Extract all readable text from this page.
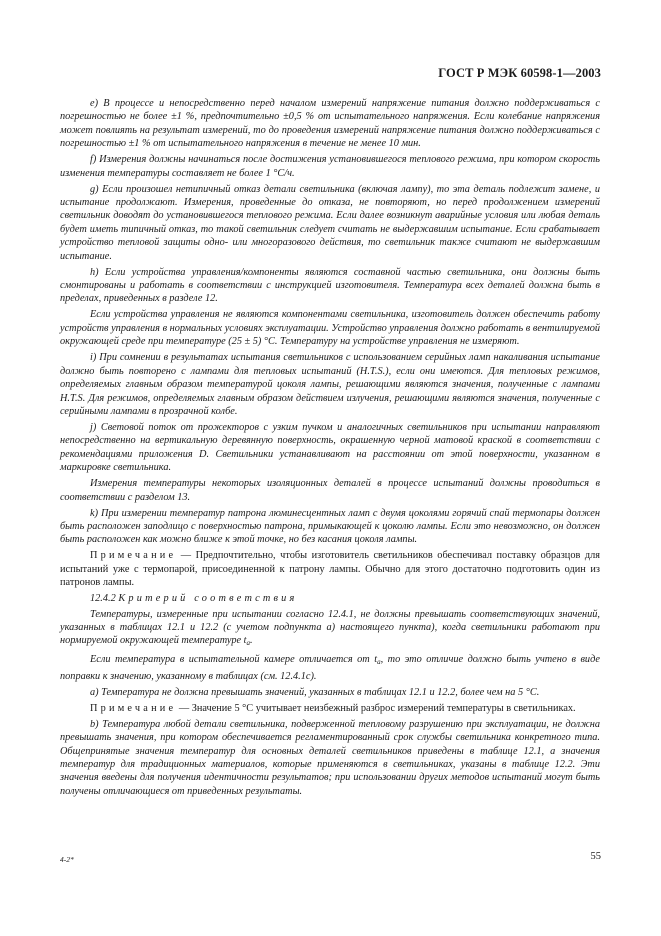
ГОСТ Р МЭК 60598-1—2003

е) В процессе и непосредственно перед началом измерений напряжение питания должно поддерживаться с погрешностью не более ±1 %, предпочтительно ±0,5 % от испытательного напряжения. Если колебание напряжения может повлиять на результат измерений, то до проведения измерений напряжение питания должно поддерживаться с погрешностью ±1 % от испытательного напряжения в течение не менее 10 мин.

f) Измерения должны начинаться после достижения установившегося теплового режима, при котором скорость изменения температуры составляет не более 1 °С/ч.

g) Если произошел нетипичный отказ детали светильника (включая лампу), то эта деталь подлежит замене, и испытание продолжают. Измерения, проведенные до отказа, не повторяют, но перед продолжением измерений светильник доводят до установившегося теплового режима. Если далее возникнут аварийные условия или любая деталь будет иметь типичный отказ, то такой светильник следует считать не выдержавшим испытание. Если срабатывает устройство тепловой защиты одно- или многоразового действия, то светильник также считают не выдержавшим испытание.

h) Если устройства управления/компоненты являются составной частью светильника, они должны быть смонтированы и работать в соответствии с инструкцией изготовителя. Температура всех деталей должна быть в пределах, приведенных в разделе 12.

Если устройства управления не являются компонентами светильника, изготовитель должен обеспечить работу устройств управления в нормальных условиях эксплуатации. Устройство управления должно работать в вентилируемой окружающей среде при температуре (25 ± 5) °С. Температуру на устройстве управления не измеряют.

i) При сомнении в результатах испытания светильников с использованием серийных ламп накаливания испытание должно быть повторено с лампами для тепловых испытаний (H.T.S.), если они имеются. Для тепловых режимов, определяемых главным образом температурой цоколя лампы, решающими являются значения, полученные с лампами H.T.S. Для режимов, определяемых главным образом действием излучения, решающими являются значения, полученные с серийными лампами в прозрачной колбе.

j) Световой поток от прожекторов с узким пучком и аналогичных светильников при испытании направляют непосредственно на вертикальную деревянную поверхность, окрашенную черной матовой краской в соответствии с рекомендациями приложения D. Светильники устанавливают на расстоянии от этой поверхности, указанном в маркировке светильника.

Измерения температуры некоторых изоляционных деталей в процессе испытаний должны проводиться в соответствии с разделом 13.

k) При измерении температур патрона люминесцентных ламп с двумя цоколями горячий спай термопары должен быть расположен заподлицо с поверхностью патрона, примыкающей к цоколю лампы. Если это невозможно, он должен быть расположен как можно ближе к этой точке, но без касания цоколя лампы.

Примечание — Предпочтительно, чтобы изготовитель светильников обеспечивал поставку образцов для испытаний уже с термопарой, присоединенной к патрону лампы. Обычно для этого достаточно подготовить один из патронов лампы.

12.4.2 Критерий соответствия

Температуры, измеренные при испытании согласно 12.4.1, не должны превышать соответствующих значений, указанных в таблицах 12.1 и 12.2 (с учетом подпункта а) настоящего пункта), когда светильники работают при нормируемой окружающей температуре $t_a$.

Если температура в испытательной камере отличается от $t_a$, то это отличие должно быть учтено в виде поправки к значению, указанному в таблицах (см. 12.4.1с).

а) Температура не должна превышать значений, указанных в таблицах 12.1 и 12.2, более чем на 5 °С.

Примечание — Значение 5 °С учитывает неизбежный разброс измерений температуры в светильниках.

b) Температура любой детали светильника, подверженной тепловому разрушению при эксплуатации, не должна превышать значения, при котором обеспечивается регламентированный срок службы светильника конкретного типа. Общепринятые значения температур для основных деталей светильников приведены в таблице 12.1, а значения температур для традиционных материалов, которые применяются в светильниках, указаны в таблице 12.2. Эти значения введены для получения идентичности результатов; при использовании других методов испытаний могут быть получены отличающиеся от приведенных результаты.

4-2*	55
